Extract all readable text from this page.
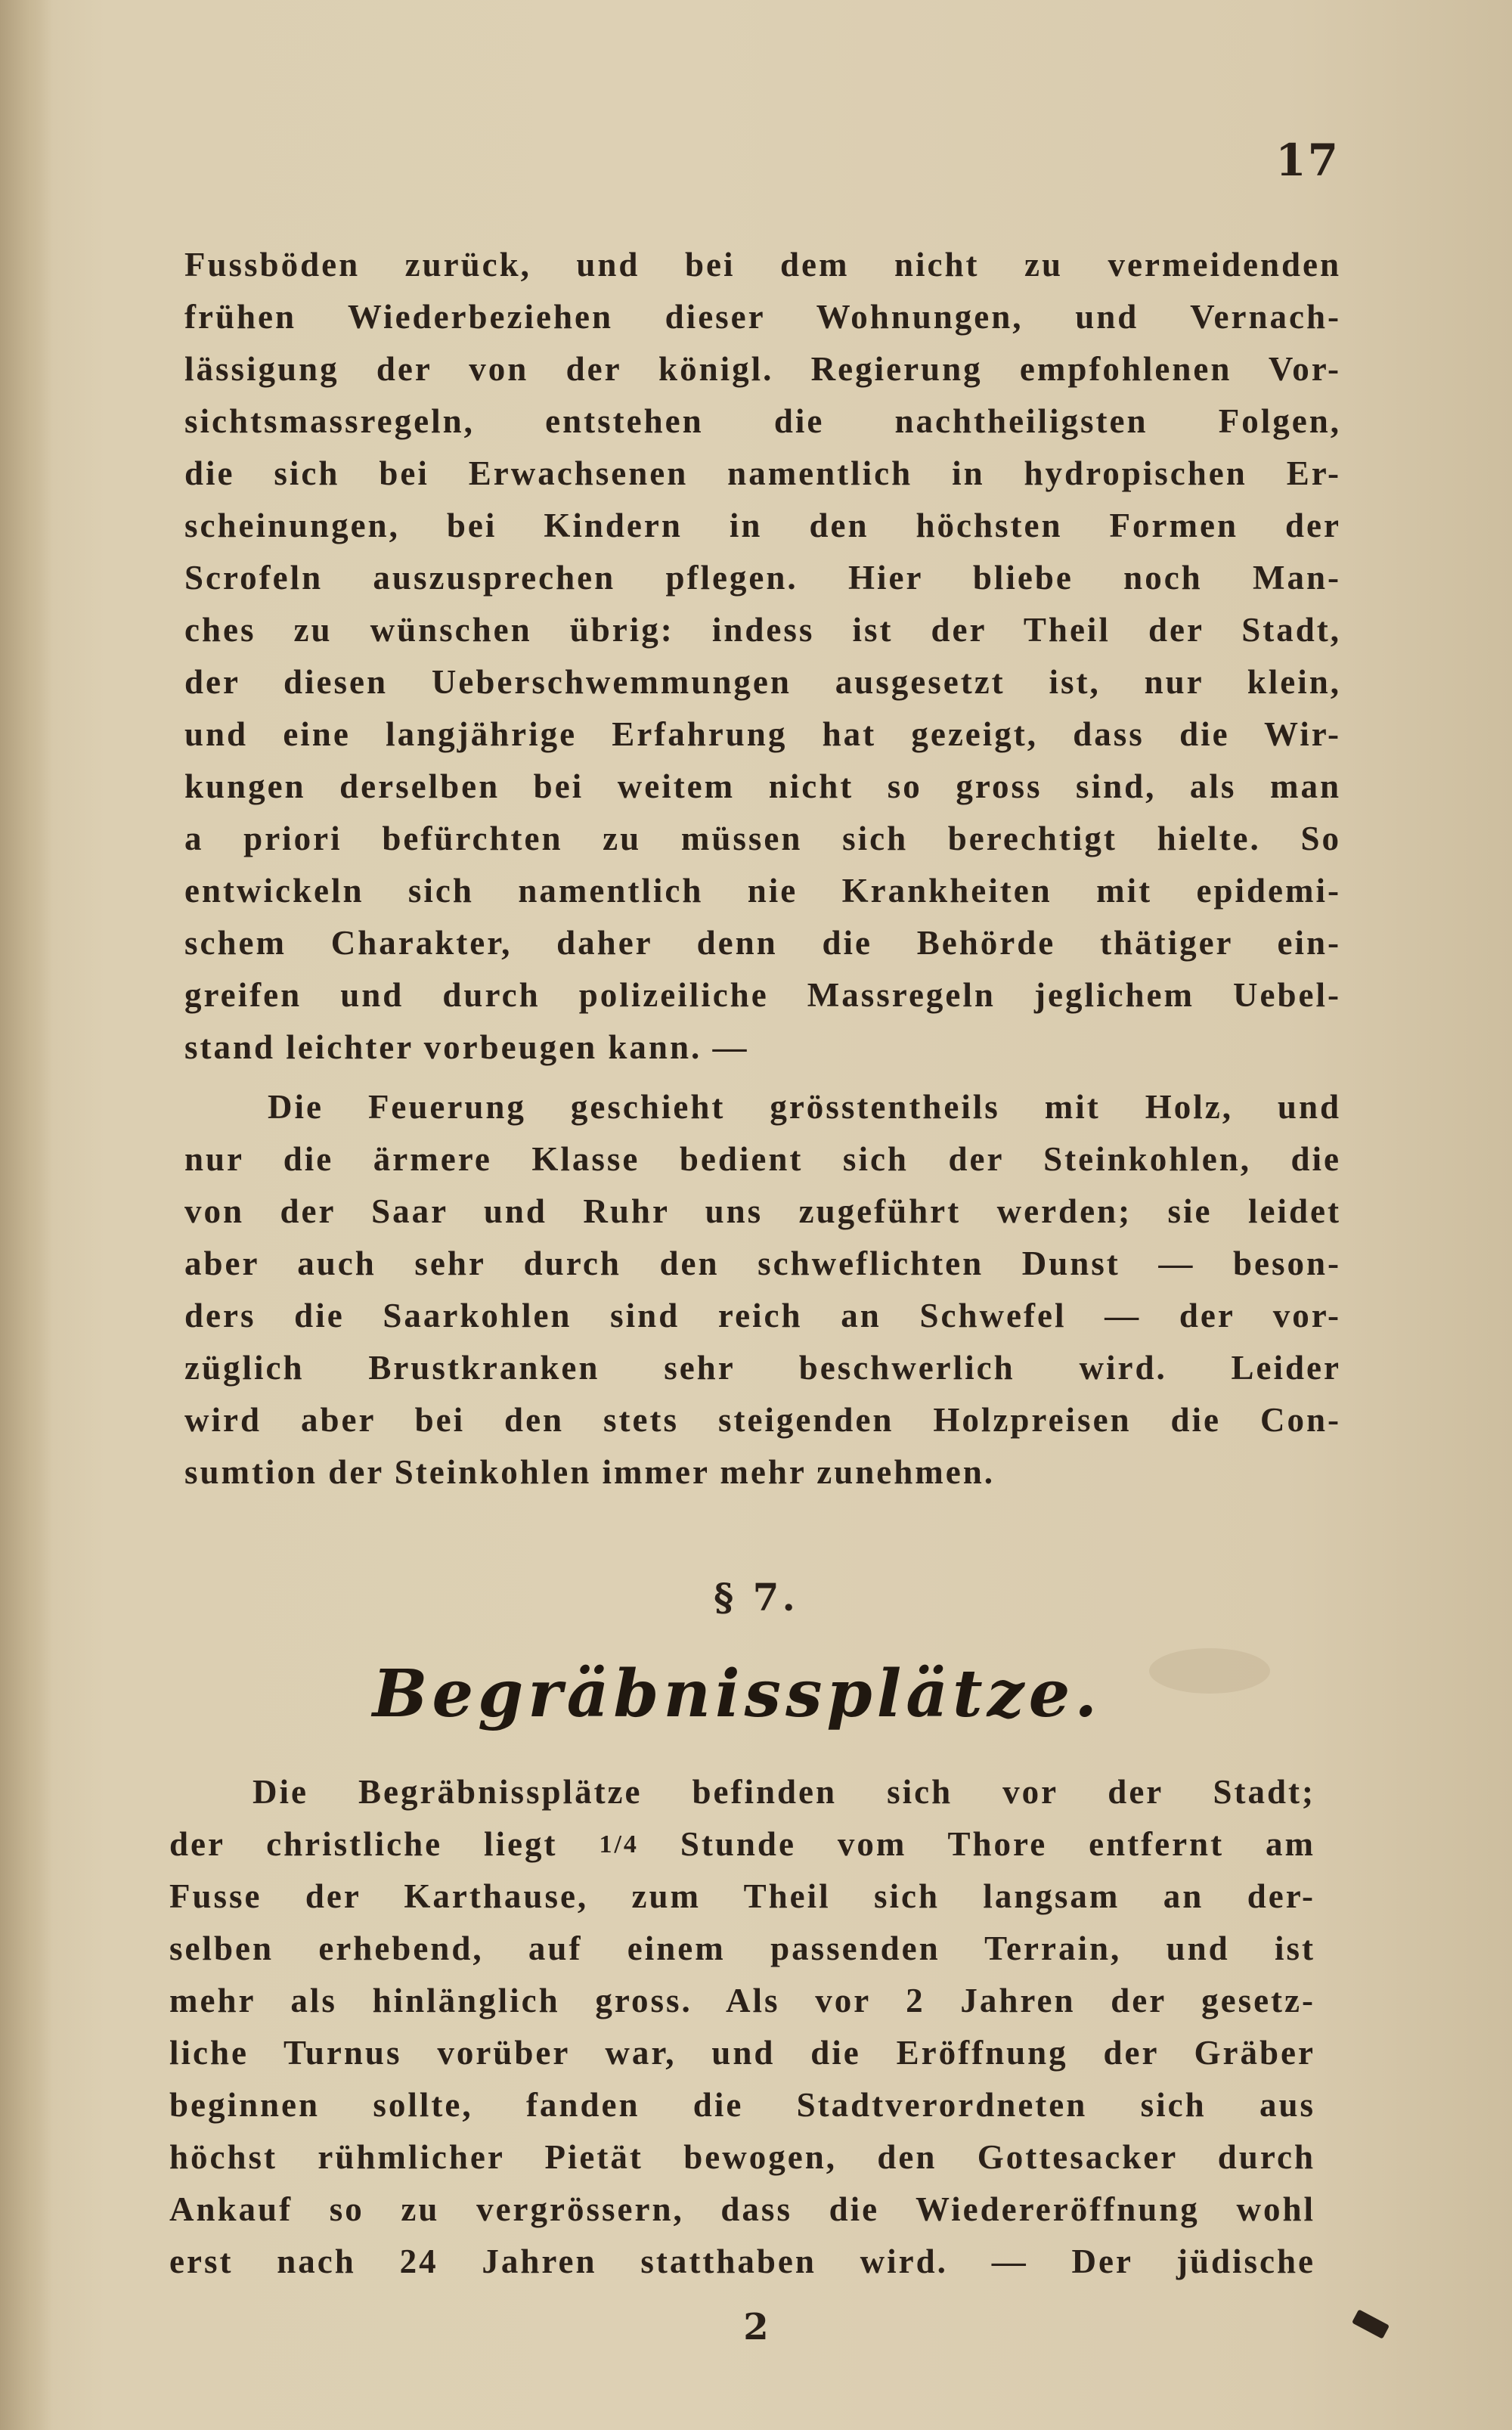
17
Fussböden zurück, und bei dem nicht zu vermeidenden
frühen Wiederbeziehen dieser Wohnungen, und Vernach-
lässigung der von der königl. Regierung empfohlenen Vor-
sichtsmassregeln, entstehen die nachtheiligsten Folgen,
die sich bei Erwachsenen namentlich in hydropischen Er-
scheinungen, bei Kindern in den höchsten Formen der
Scrofeln auszusprechen pflegen. Hier bliebe noch Man-
ches zu wünschen übrig: indess ist der Theil der Stadt,
der diesen Ueberschwemmungen ausgesetzt ist, nur klein,
und eine langjährige Erfahrung hat gezeigt, dass die Wir-
kungen derselben bei weitem nicht so gross sind, als man
a priori befürchten zu müssen sich berechtigt hielte. So
entwickeln sich namentlich nie Krankheiten mit epidemi-
schem Charakter, daher denn die Behörde thätiger ein-
greifen und durch polizeiliche Massregeln jeglichem Uebel-
stand leichter vorbeugen kann. —
Die Feuerung geschieht grösstentheils mit Holz, und
nur die ärmere Klasse bedient sich der Steinkohlen, die
von der Saar und Ruhr uns zugeführt werden; sie leidet
aber auch sehr durch den schweflichten Dunst — beson-
ders die Saarkohlen sind reich an Schwefel — der vor-
züglich Brustkranken sehr beschwerlich wird. Leider
wird aber bei den stets steigenden Holzpreisen die Con-
sumtion der Steinkohlen immer mehr zunehmen.
§ 7.
Begräbnissplätze.
Die Begräbnissplätze befinden sich vor der Stadt;
der christliche liegt 1/4 Stunde vom Thore entfernt am
Fusse der Karthause, zum Theil sich langsam an der-
selben erhebend, auf einem passenden Terrain, und ist
mehr als hinlänglich gross. Als vor 2 Jahren der gesetz-
liche Turnus vorüber war, und die Eröffnung der Gräber
beginnen sollte, fanden die Stadtverordneten sich aus
höchst rühmlicher Pietät bewogen, den Gottesacker durch
Ankauf so zu vergrössern, dass die Wiedereröffnung wohl
erst nach 24 Jahren statthaben wird. — Der jüdische
2
